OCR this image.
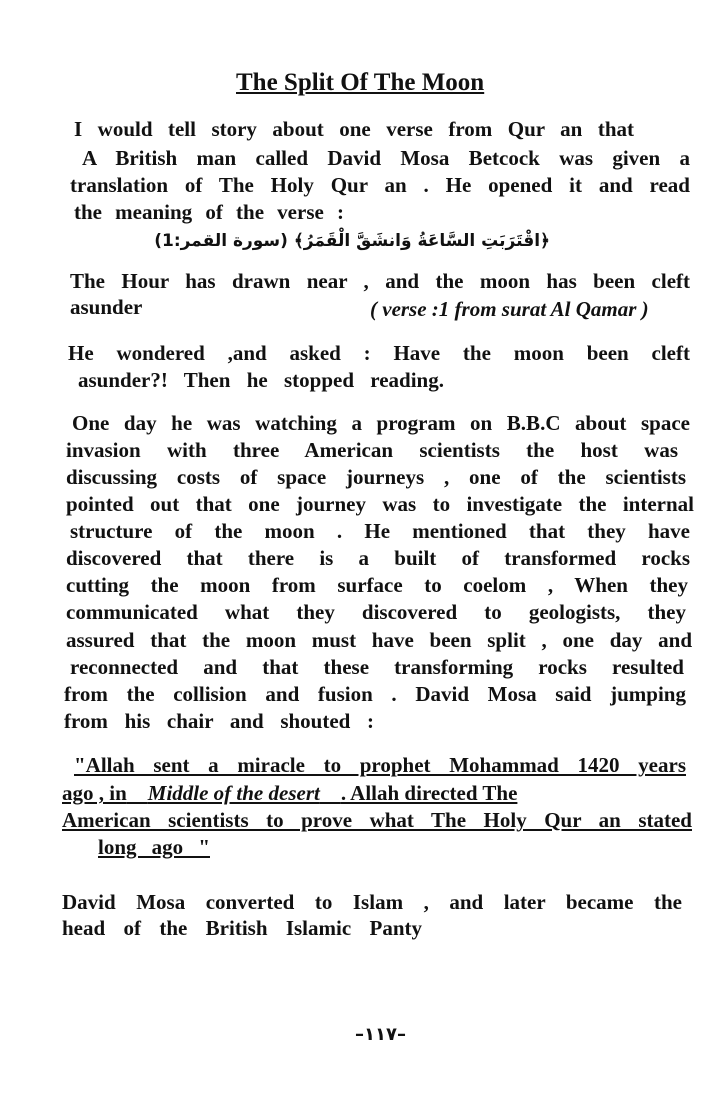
The Split Of The Moon
I would tell story about one verse from Qur an that
A British man called David Mosa Betcock was given a
translation of The Holy Qur an . He opened it and read
the meaning of the verse :
﴿اقْتَرَبَتِ السَّاعَةُ وَانشَقَّ الْقَمَرُ﴾ (سورة القمر:1)
The Hour has drawn near , and the moon has been cleft
asunder	( verse :1 from surat Al Qamar )
He wondered ,and asked : Have the moon been cleft
asunder?! Then he stopped reading.
One day he was watching a program on B.B.C about space
invasion with three American scientists the host was
discussing costs of space journeys , one of the scientists
pointed out that one journey was to investigate the internal
structure of the moon . He mentioned that they have
discovered that there is a built of transformed rocks
cutting the moon from surface to coelom , When they
communicated what they discovered to geologists, they
assured that the moon must have been split , one day and
reconnected and that these transforming rocks resulted
from the collision and fusion . David Mosa said jumping
from his chair and shouted :
"Allah sent a miracle to prophet Mohammad 1420 years
ago , in Middle of the desert . Allah directed The
American scientists to prove what The Holy Qur an stated
long ago "
David Mosa converted to Islam , and later became the
head of the British Islamic Panty
–١١٧–
